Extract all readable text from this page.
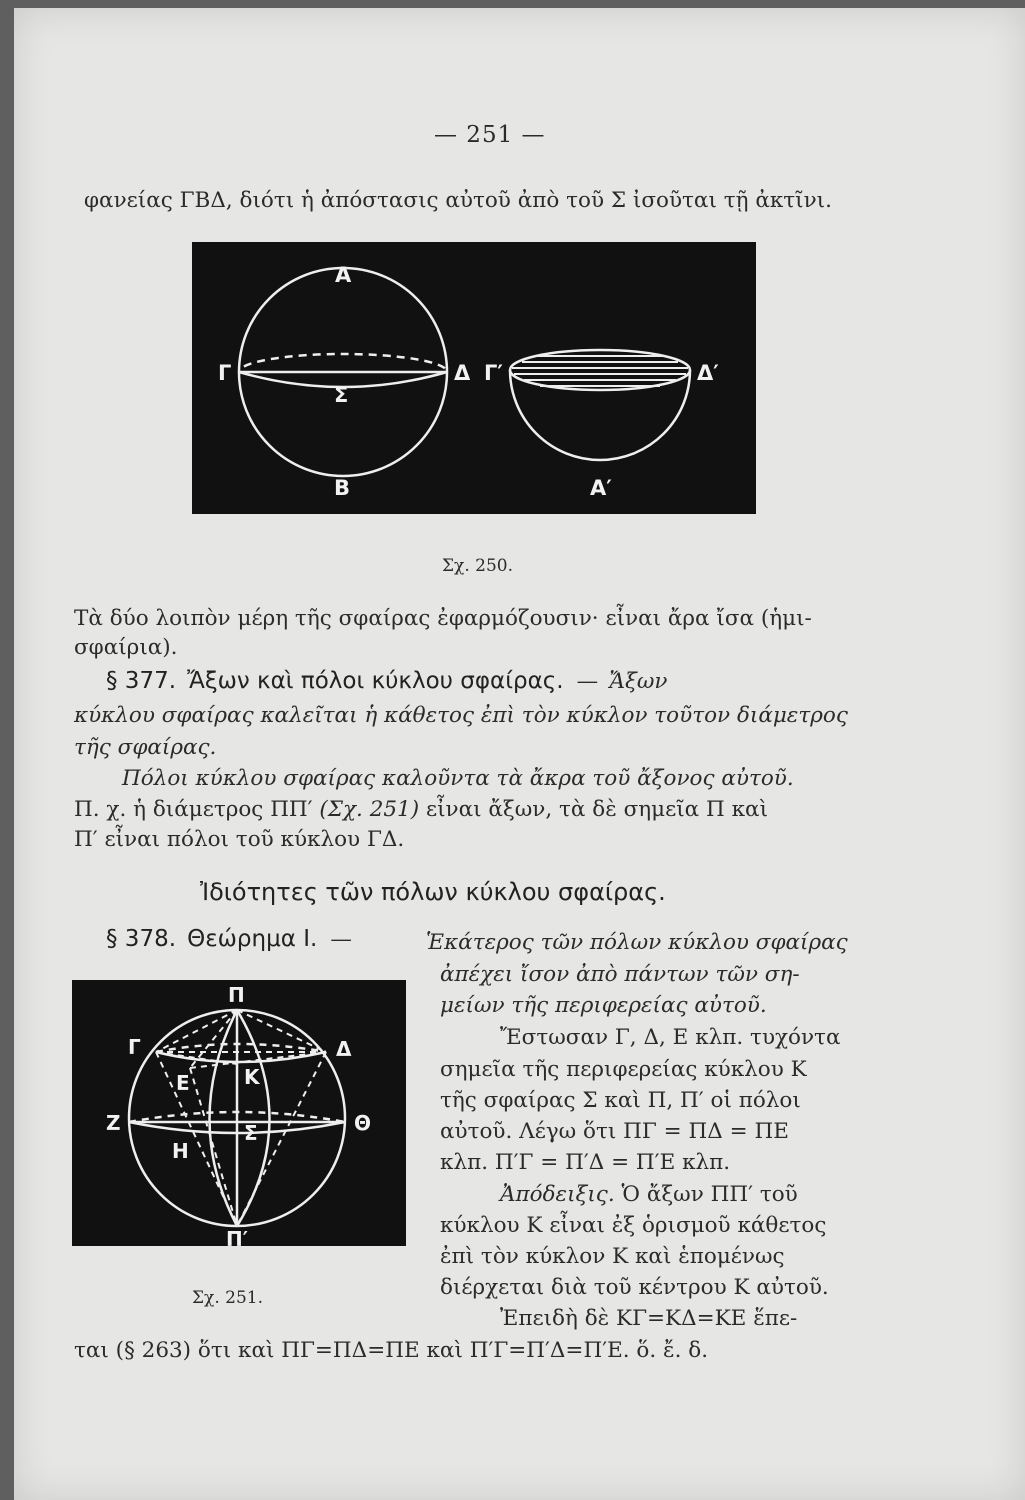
— 251 —
φανείας ΓΒΔ, διότι ἡ ἀπόστασις αὐτοῦ ἀπὸ τοῦ Σ ἰσοῦται τῇ ἀκτῖνι.
Α
Γ
Σ
Δ
Β
Γ′	Δ′
Α′
Σχ. 250.
Τὰ δύο λοιπὸν μέρη τῆς σφαίρας ἐφαρμόζουσιν· εἶναι ἄρα ἴσα (ἡμι-
σφαίρια).
§ 377. Ἄξων καὶ πόλοι κύκλου σφαίρας. — Ἄξων
κύκλου σφαίρας καλεῖται ἡ κάθετος ἐπὶ τὸν κύκλον τοῦτον διάμετρος
τῆς σφαίρας.
Πόλοι κύκλου σφαίρας καλοῦντα τὰ ἄκρα τοῦ ἄξονος αὐτοῦ.
Π. χ. ἡ διάμετρος ΠΠ′ (Σχ. 251) εἶναι ἄξων, τὰ δὲ σημεῖα Π καὶ
Π′ εἶναι πόλοι τοῦ κύκλου ΓΔ.
Ἰδιότητες τῶν πόλων κύκλου σφαίρας.
§ 378. Θεώρημα Ι. —	Ἑκάτερος τῶν πόλων κύκλου σφαίρας
ἀπέχει ἴσον ἀπὸ πάντων τῶν ση-
μείων τῆς περιφερείας αὐτοῦ.
Ἔστωσαν Γ, Δ, Ε κλπ. τυχόντα
σημεῖα τῆς περιφερείας κύκλου Κ
τῆς σφαίρας Σ καὶ Π, Π′ οἱ πόλοι
αὐτοῦ. Λέγω ὅτι ΠΓ = ΠΔ = ΠΕ
κλπ. Π′Γ = Π′Δ = Π′Ε κλπ.
Ἀπόδειξις. Ὁ ἄξων ΠΠ′ τοῦ
κύκλου Κ εἶναι ἐξ ὁρισμοῦ κάθετος
ἐπὶ τὸν κύκλον Κ καὶ ἑπομένως
διέρχεται διὰ τοῦ κέντρου Κ αὐτοῦ.
Ἐπειδὴ δὲ ΚΓ=ΚΔ=ΚΕ ἕπε-
ται (§ 263) ὅτι καὶ ΠΓ=ΠΔ=ΠΕ καὶ Π′Γ=Π′Δ=Π′Ε. ὅ. ἔ. δ.
Π
Γ	Δ
Ε	Κ
Ζ	Σ	Θ
Η
Π′
Σχ. 251.
